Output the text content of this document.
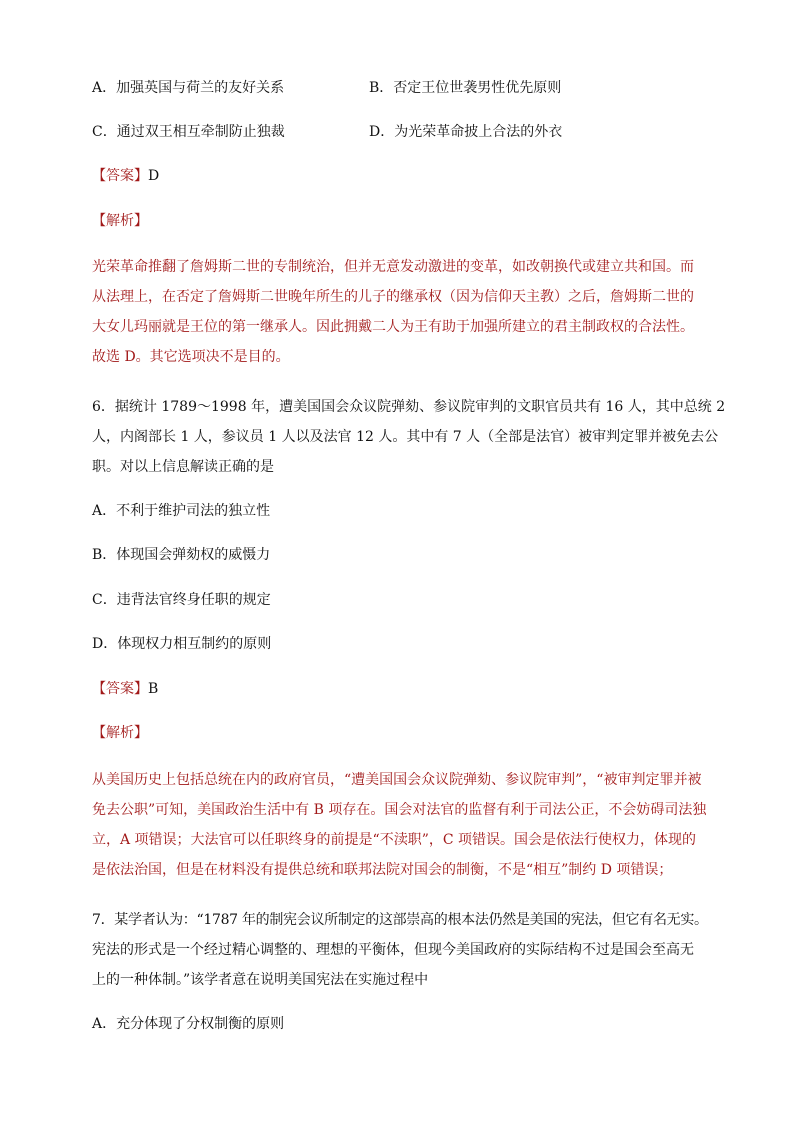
A．加强英国与荷兰的友好关系	B．否定王位世袭男性优先原则
C．通过双王相互牵制防止独裁	D．为光荣革命披上合法的外衣
【答案】D
【解析】
光荣革命推翻了詹姆斯二世的专制统治，但并无意发动激进的变革，如改朝换代或建立共和国。而
从法理上，在否定了詹姆斯二世晚年所生的儿子的继承权（因为信仰天主教）之后，詹姆斯二世的
大女儿玛丽就是王位的第一继承人。因此拥戴二人为王有助于加强所建立的君主制政权的合法性。
故选 D。其它选项决不是目的。
6．据统计 1789～1998 年，遭美国国会众议院弹劾、参议院审判的文职官员共有 16 人，其中总统 2
人，内阁部长 1 人，参议员 1 人以及法官 12 人。其中有 7 人（全部是法官）被审判定罪并被免去公
职。对以上信息解读正确的是
A．不利于维护司法的独立性
B．体现国会弹劾权的威慑力
C．违背法官终身任职的规定
D．体现权力相互制约的原则
【答案】B
【解析】
从美国历史上包括总统在内的政府官员，“遭美国国会众议院弹劾、参议院审判”，“被审判定罪并被
免去公职”可知，美国政治生活中有 B 项存在。国会对法官的监督有利于司法公正，不会妨碍司法独
立，A 项错误；大法官可以任职终身的前提是“不渎职”，C 项错误。国会是依法行使权力，体现的
是依法治国，但是在材料没有提供总统和联邦法院对国会的制衡，不是“相互”制约 D 项错误；
7．某学者认为：“1787 年的制宪会议所制定的这部崇高的根本法仍然是美国的宪法，但它有名无实。
宪法的形式是一个经过精心调整的、理想的平衡体，但现今美国政府的实际结构不过是国会至高无
上的一种体制。”该学者意在说明美国宪法在实施过程中
A．充分体现了分权制衡的原则
